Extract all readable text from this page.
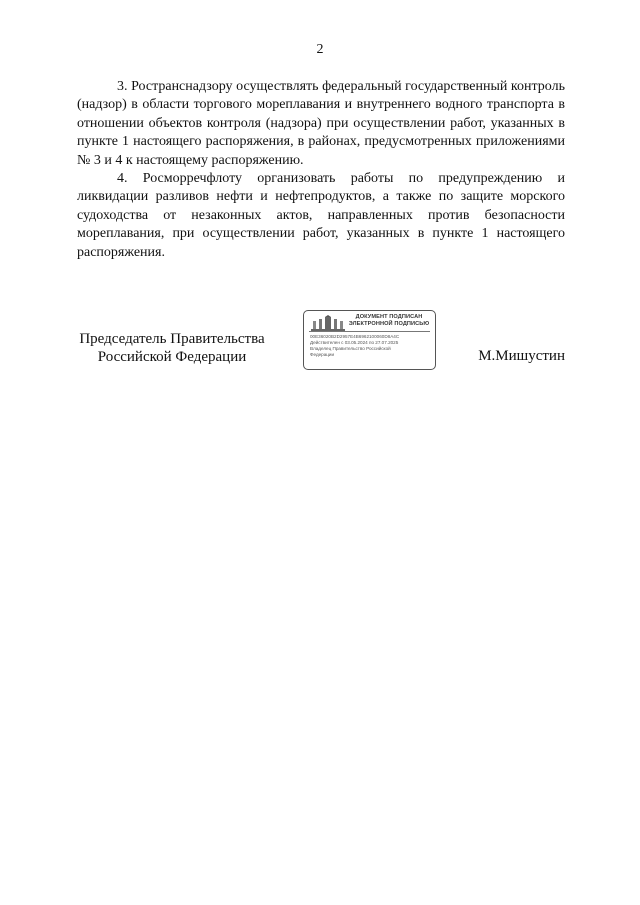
2

3. Ространснадзору осуществлять федеральный государственный контроль (надзор) в области торгового мореплавания и внутреннего водного транспорта в отношении объектов контроля (надзора) при осуществлении работ, указанных в пункте 1 настоящего распоряжения, в районах, предусмотренных приложениями № 3 и 4 к настоящему распоряжению.

4. Росморречфлоту организовать работы по предупреждению и ликвидации разливов нефти и нефтепродуктов, а также по защите морского судоходства от незаконных актов, направленных против безопасности мореплавания, при осуществлении работ, указанных в пункте 1 настоящего распоряжения.

Председатель Правительства
Российской Федерации
ДОКУМЕНТ ПОДПИСАН
ЭЛЕКТРОННОЙ ПОДПИСЬЮ
00E36020B2D2957E4B6962100060D8A4C
Действителен с 03.05.2024 по 27.07.2025
Владелец Правительство Российской
Федерации	М.Мишустин
